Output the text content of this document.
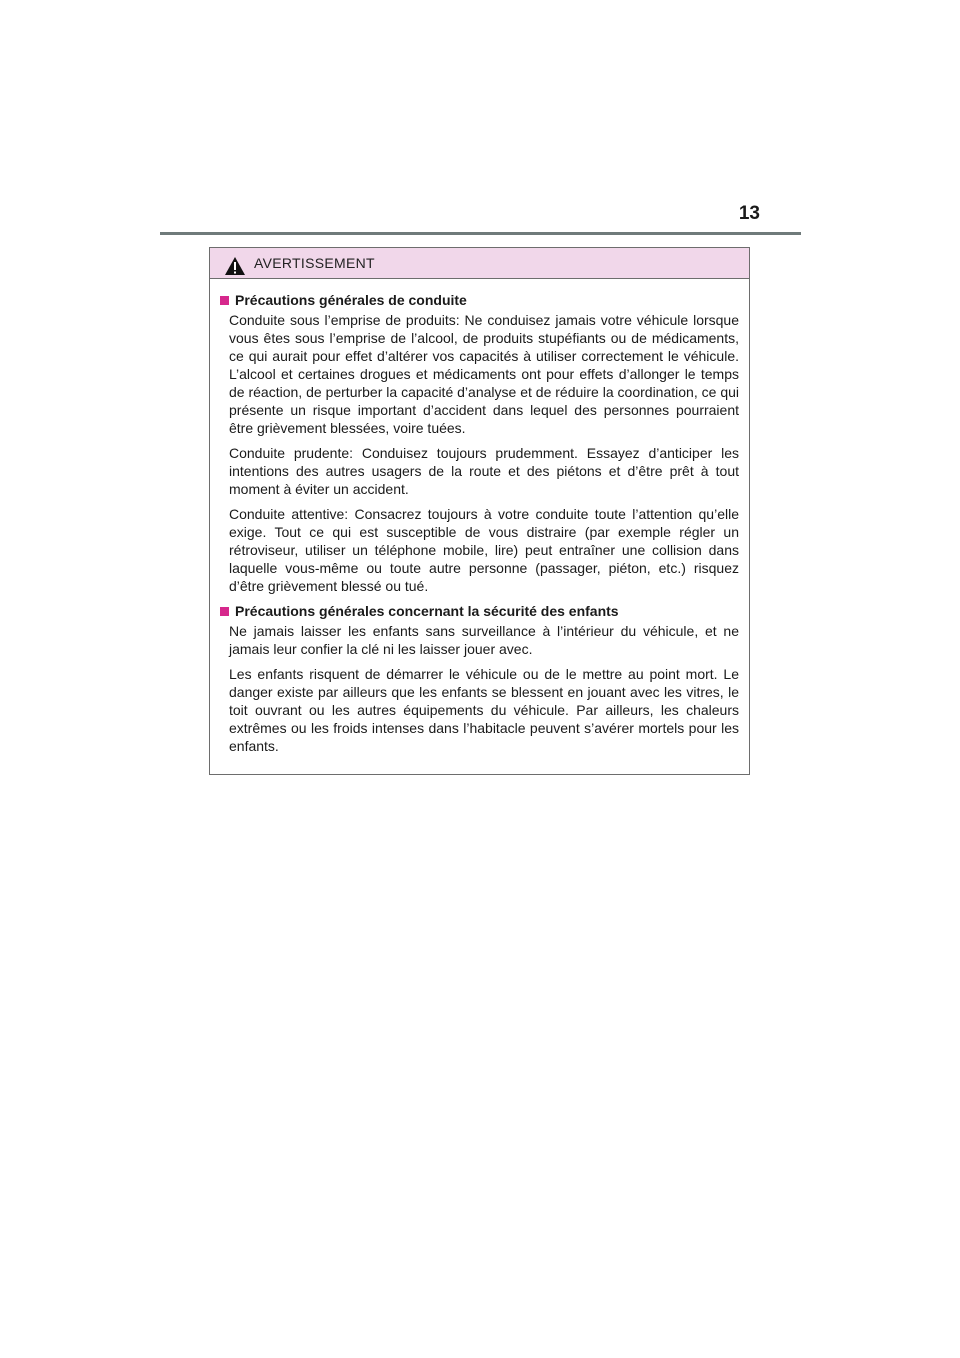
13
AVERTISSEMENT
Précautions générales de conduite

Conduite sous l’emprise de produits: Ne conduisez jamais votre véhicule lorsque vous êtes sous l’emprise de l’alcool, de produits stupéfiants ou de médicaments, ce qui aurait pour effet d’altérer vos capacités à utiliser correctement le véhicule. L’alcool et certaines drogues et médicaments ont pour effets d’allonger le temps de réaction, de perturber la capacité d’analyse et de réduire la coordination, ce qui présente un risque important d’accident dans lequel des personnes pourraient être grièvement blessées, voire tuées.

Conduite prudente: Conduisez toujours prudemment. Essayez d’anticiper les intentions des autres usagers de la route et des piétons et d’être prêt à tout moment à éviter un accident.

Conduite attentive: Consacrez toujours à votre conduite toute l’attention qu’elle exige. Tout ce qui est susceptible de vous distraire (par exemple régler un rétroviseur, utiliser un téléphone mobile, lire) peut entraîner une collision dans laquelle vous-même ou toute autre personne (passager, piéton, etc.) risquez d’être grièvement blessé ou tué.

Précautions générales concernant la sécurité des enfants

Ne jamais laisser les enfants sans surveillance à l’intérieur du véhicule, et ne jamais leur confier la clé ni les laisser jouer avec.

Les enfants risquent de démarrer le véhicule ou de le mettre au point mort. Le danger existe par ailleurs que les enfants se blessent en jouant avec les vitres, le toit ouvrant ou les autres équipements du véhicule. Par ailleurs, les chaleurs extrêmes ou les froids intenses dans l’habitacle peuvent s’avérer mortels pour les enfants.
